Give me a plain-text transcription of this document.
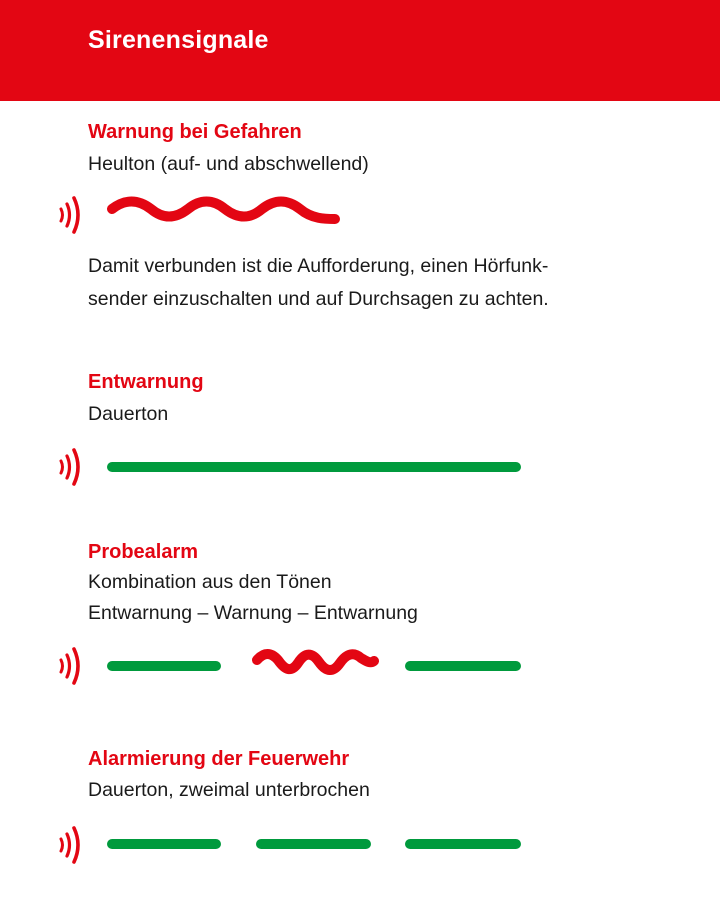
Sirenensignale
Warnung bei Gefahren
Heulton (auf- und abschwellend)
Damit verbunden ist die Aufforderung, einen Hörfunk-
sender einzuschalten und auf Durchsagen zu achten.
Entwarnung
Dauerton
Probealarm
Kombination aus den Tönen
Entwarnung – Warnung – Entwarnung
Alarmierung der Feuerwehr
Dauerton, zweimal unterbrochen
